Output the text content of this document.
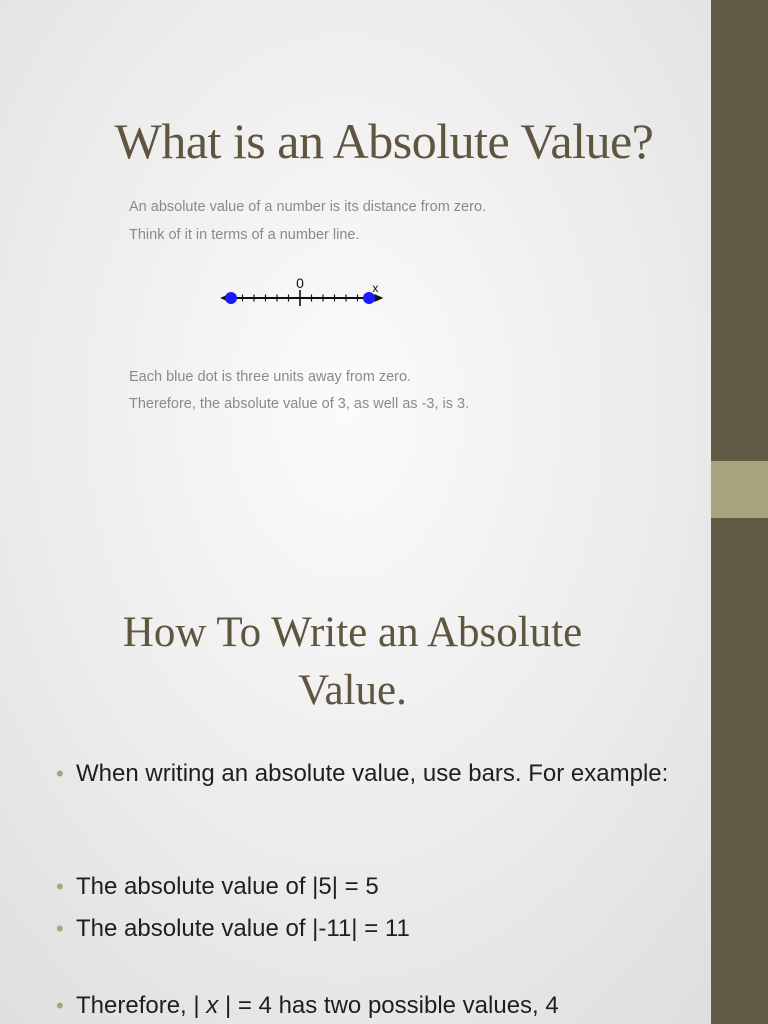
What is an Absolute Value?
An absolute value of a number is its distance from zero.
Think of it in terms of a number line.
0	x
Each blue dot is three units away from zero.
Therefore, the absolute value of 3, as well as -3, is 3.
How To Write an Absolute
Value.
• When writing an absolute value, use bars. For example:
• The absolute value of |5| = 5
• The absolute value of |-11| = 11
• Therefore, | x | = 4 has two possible values, 4
